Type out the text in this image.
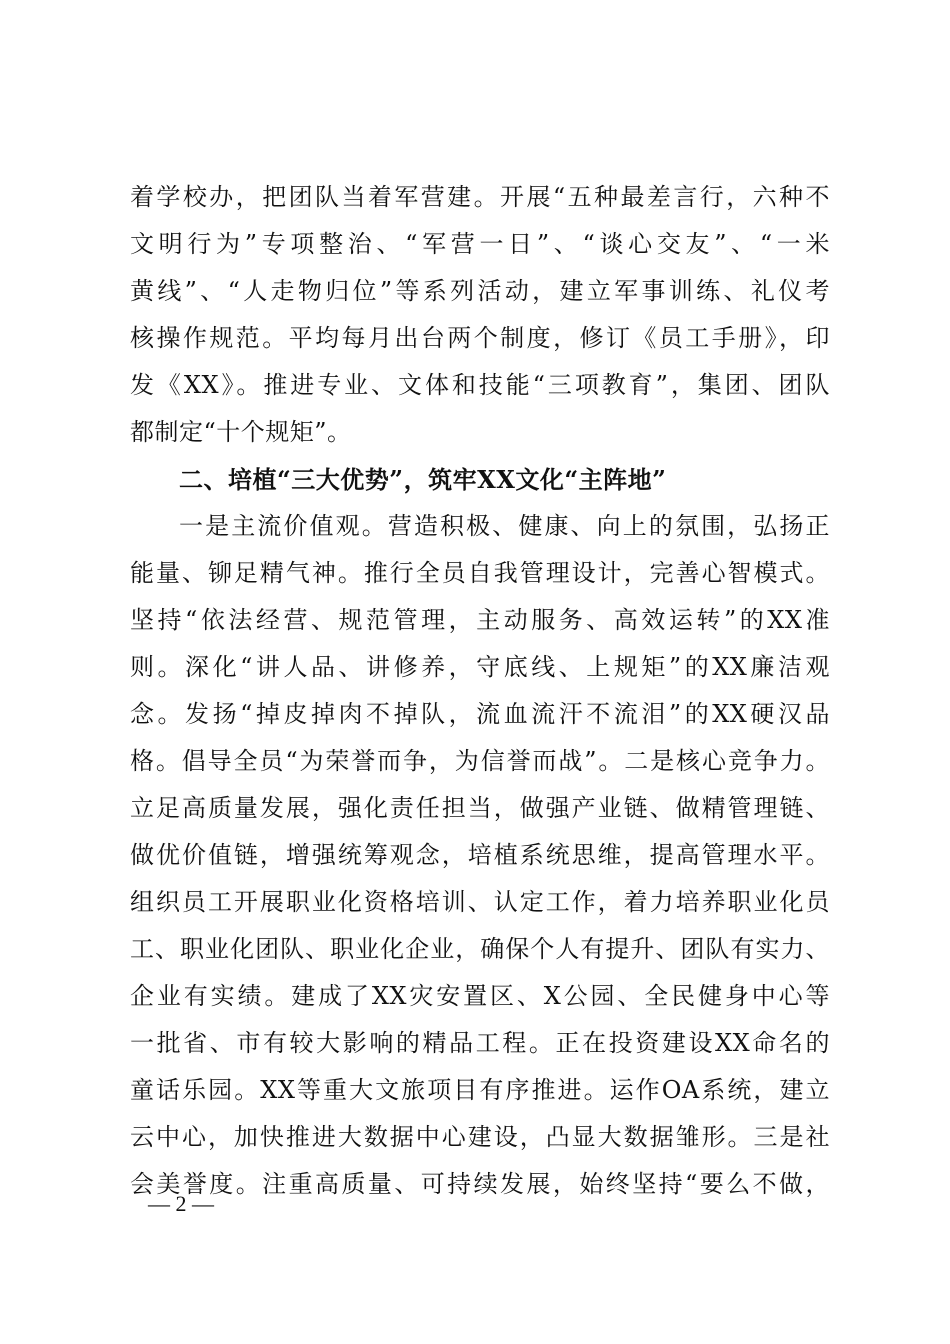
着学校办，把团队当着军营建。开展“五种最差言行，六种不
文明行为”专项整治、“军营一日”、“谈心交友”、“一米
黄线”、“人走物归位”等系列活动，建立军事训练、礼仪考
核操作规范。平均每月出台两个制度，修订《员工手册》，印
发《XX》。推进专业、文体和技能“三项教育”，集团、团队
都制定“十个规矩”。
二、培植“三大优势”，筑牢XX文化“主阵地”
一是主流价值观。营造积极、健康、向上的氛围，弘扬正
能量、铆足精气神。推行全员自我管理设计，完善心智模式。
坚持“依法经营、规范管理，主动服务、高效运转”的XX准
则。深化“讲人品、讲修养，守底线、上规矩”的XX廉洁观
念。发扬“掉皮掉肉不掉队，流血流汗不流泪”的XX硬汉品
格。倡导全员“为荣誉而争，为信誉而战”。二是核心竞争力。
立足高质量发展，强化责任担当，做强产业链、做精管理链、
做优价值链，增强统筹观念，培植系统思维，提高管理水平。
组织员工开展职业化资格培训、认定工作，着力培养职业化员
工、职业化团队、职业化企业，确保个人有提升、团队有实力、
企业有实绩。建成了XX灾安置区、X公园、全民健身中心等
一批省、市有较大影响的精品工程。正在投资建设XX命名的
童话乐园。XX等重大文旅项目有序推进。运作OA系统，建立
云中心，加快推进大数据中心建设，凸显大数据雏形。三是社
会美誉度。注重高质量、可持续发展，始终坚持“要么不做，
— 2 —
